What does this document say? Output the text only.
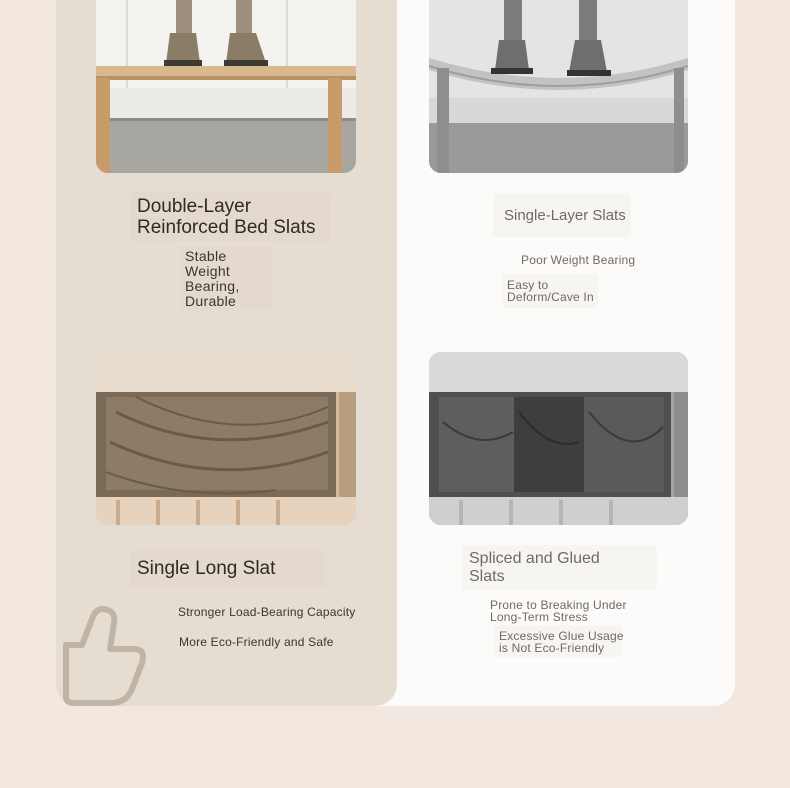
Double-Layer Reinforced Bed Slats
Stable Weight Bearing, Durable
Single Long Slat
Stronger Load-Bearing Capacity
More Eco-Friendly and Safe
Single-Layer Slats
Poor Weight Bearing
Easy to Deform/Cave In
Spliced and Glued Slats
Prone to Breaking Under Long-Term Stress
Excessive Glue Usage is Not Eco-Friendly
